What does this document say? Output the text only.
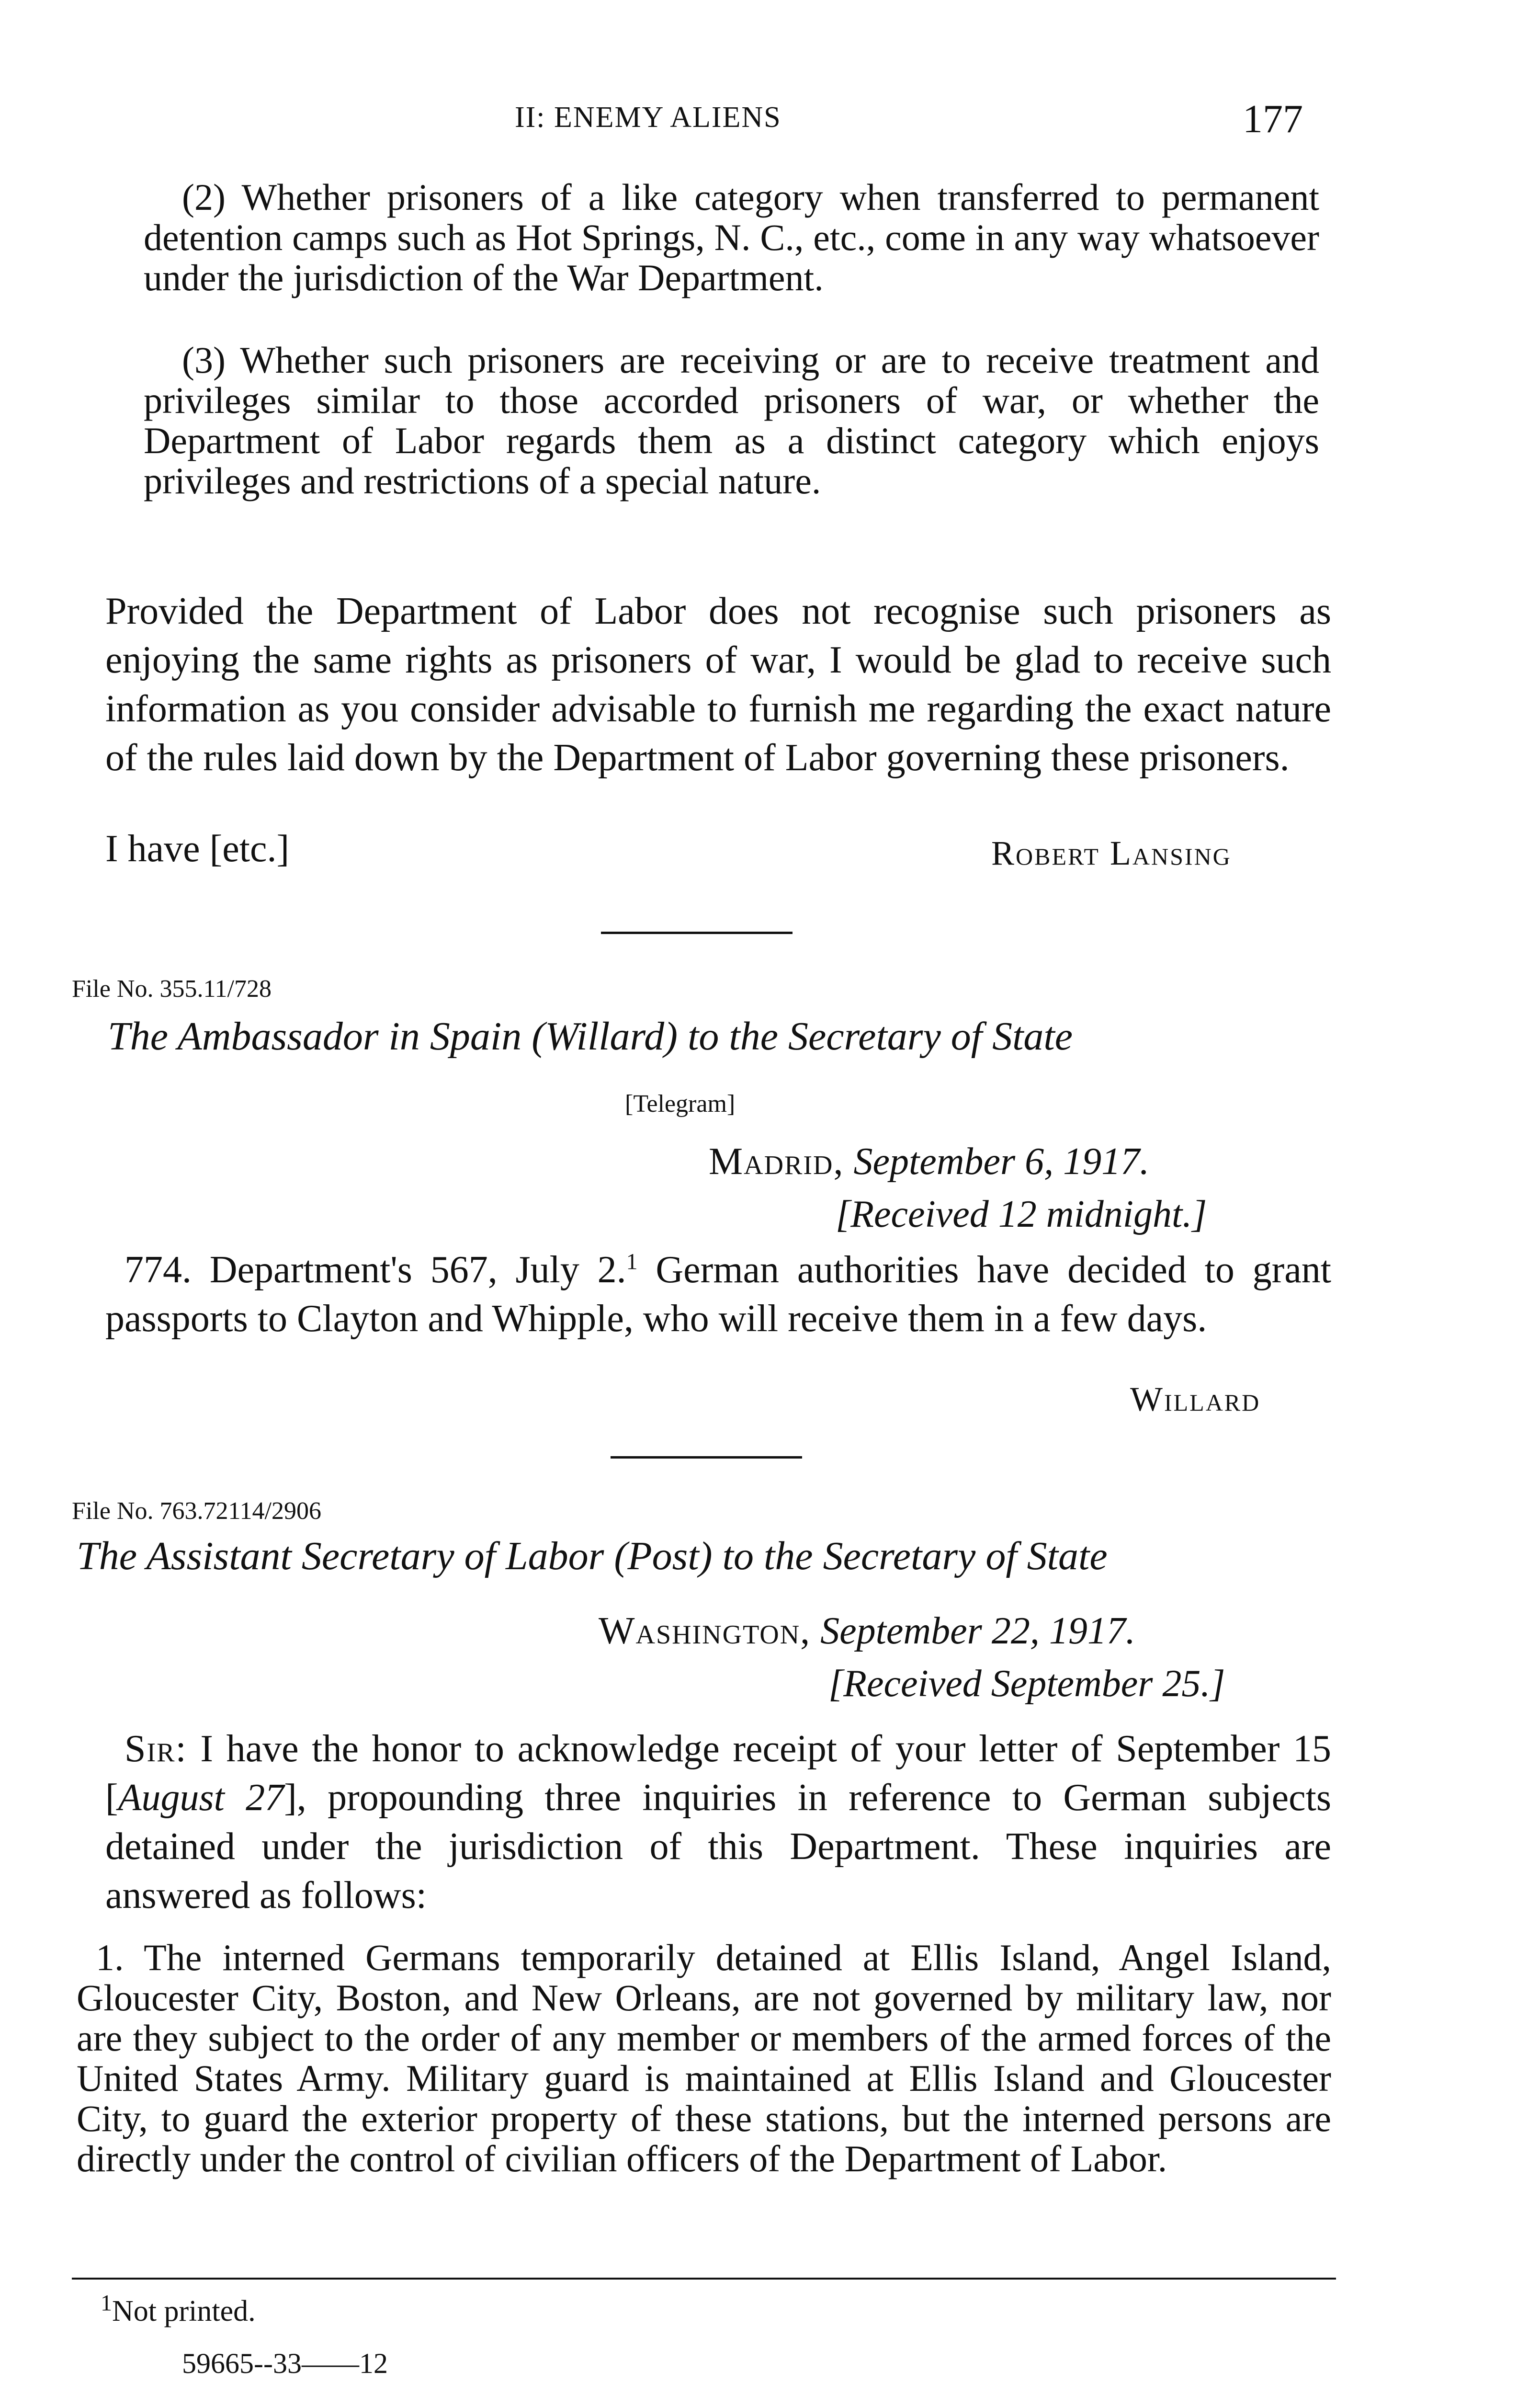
II: ENEMY ALIENS	177

(2) Whether prisoners of a like category when transferred to permanent detention camps such as Hot Springs, N. C., etc., come in any way whatsoever under the jurisdiction of the War Department.

(3) Whether such prisoners are receiving or are to receive treatment and privileges similar to those accorded prisoners of war, or whether the Department of Labor regards them as a distinct category which enjoys privileges and restrictions of a special nature.

Provided the Department of Labor does not recognise such prisoners as enjoying the same rights as prisoners of war, I would be glad to receive such information as you consider advisable to furnish me regarding the exact nature of the rules laid down by the Department of Labor governing these prisoners.

I have [etc.]	Robert Lansing
File No. 355.11/728
The Ambassador in Spain (Willard) to the Secretary of State
[Telegram]
Madrid, September 6, 1917.
[Received 12 midnight.]

774. Department's 567, July 2.$^1$ German authorities have decided to grant passports to Clayton and Whipple, who will receive them in a few days.

Willard
File No. 763.72114/2906
The Assistant Secretary of Labor (Post) to the Secretary of State
Washington, September 22, 1917.
[Received September 25.]

Sir: I have the honor to acknowledge receipt of your letter of September 15 [August 27], propounding three inquiries in reference to German subjects detained under the jurisdiction of this Department. These inquiries are answered as follows:

1. The interned Germans temporarily detained at Ellis Island, Angel Island, Gloucester City, Boston, and New Orleans, are not governed by military law, nor are they subject to the order of any member or members of the armed forces of the United States Army. Military guard is maintained at Ellis Island and Gloucester City, to guard the exterior property of these stations, but the interned persons are directly under the control of civilian officers of the Department of Labor.

$^1$Not printed.
59665--33——12
